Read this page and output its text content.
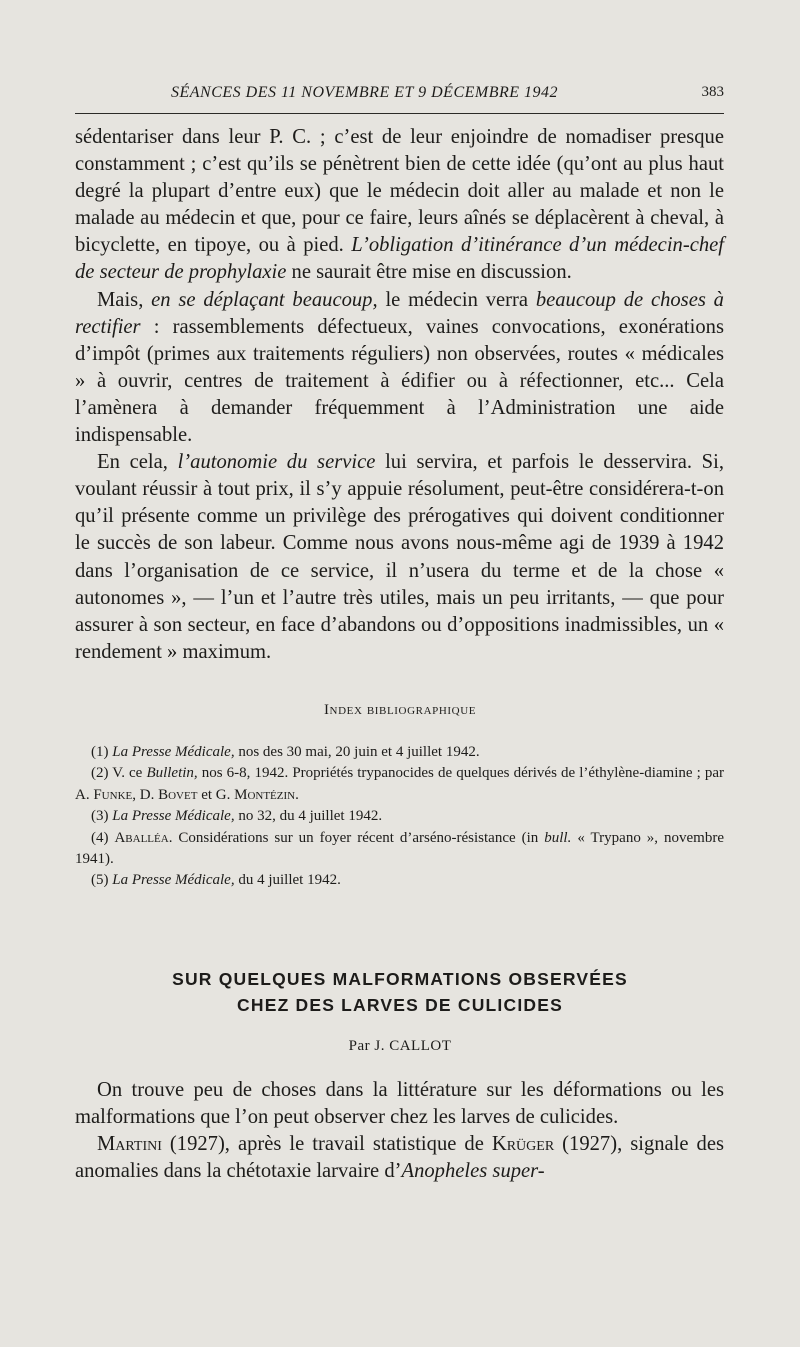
SÉANCES DES 11 NOVEMBRE ET 9 DÉCEMBRE 1942	383

sédentariser dans leur P. C. ; c’est de leur enjoindre de nomadiser presque constamment ; c’est qu’ils se pénètrent bien de cette idée (qu’ont au plus haut degré la plupart d’entre eux) que le médecin doit aller au malade et non le malade au médecin et que, pour ce faire, leurs aînés se déplacèrent à cheval, à bicyclette, en tipoye, ou à pied. L’obligation d’itinérance d’un médecin-chef de secteur de prophylaxie ne saurait être mise en discussion.

Mais, en se déplaçant beaucoup, le médecin verra beaucoup de choses à rectifier : rassemblements défectueux, vaines convocations, exonérations d’impôt (primes aux traitements réguliers) non observées, routes « médicales » à ouvrir, centres de traitement à édifier ou à réfectionner, etc... Cela l’amènera à demander fréquemment à l’Administration une aide indispensable.

En cela, l’autonomie du service lui servira, et parfois le desservira. Si, voulant réussir à tout prix, il s’y appuie résolument, peut-être considérera-t-on qu’il présente comme un privilège des prérogatives qui doivent conditionner le succès de son labeur. Comme nous avons nous-même agi de 1939 à 1942 dans l’organisation de ce service, il n’usera du terme et de la chose « autonomes », — l’un et l’autre très utiles, mais un peu irritants, — que pour assurer à son secteur, en face d’abandons ou d’oppositions inadmissibles, un « rendement » maximum.

Index bibliographique

(1) La Presse Médicale, nos des 30 mai, 20 juin et 4 juillet 1942.

(2) V. ce Bulletin, nos 6-8, 1942. Propriétés trypanocides de quelques dérivés de l’éthylène-diamine ; par A. Funke, D. Bovet et G. Montézin.

(3) La Presse Médicale, no 32, du 4 juillet 1942.

(4) Aballéa. Considérations sur un foyer récent d’arséno-résistance (in bull. « Trypano », novembre 1941).

(5) La Presse Médicale, du 4 juillet 1942.

SUR QUELQUES MALFORMATIONS OBSERVÉES
CHEZ DES LARVES DE CULICIDES
Par J. CALLOT

On trouve peu de choses dans la littérature sur les déformations ou les malformations que l’on peut observer chez les larves de culicides.

Martini (1927), après le travail statistique de Krüger (1927), signale des anomalies dans la chétotaxie larvaire d’Anopheles super-
